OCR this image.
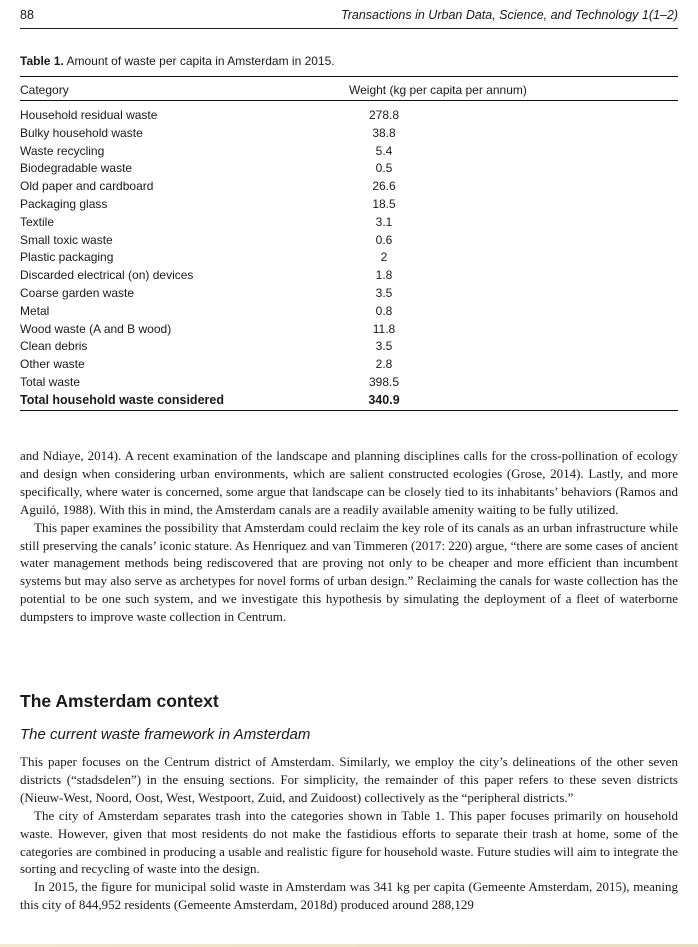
88	Transactions in Urban Data, Science, and Technology 1(1–2)
Table 1. Amount of waste per capita in Amsterdam in 2015.
Category	Weight (kg per capita per annum)
Household residual waste	278.8
Bulky household waste	38.8
Waste recycling	5.4
Biodegradable waste	0.5
Old paper and cardboard	26.6
Packaging glass	18.5
Textile	3.1
Small toxic waste	0.6
Plastic packaging	2
Discarded electrical (on) devices	1.8
Coarse garden waste	3.5
Metal	0.8
Wood waste (A and B wood)	11.8
Clean debris	3.5
Other waste	2.8
Total waste	398.5
Total household waste considered	340.9

and Ndiaye, 2014). A recent examination of the landscape and planning disciplines calls for the cross-pollination of ecology and design when considering urban environments, which are salient constructed ecologies (Grose, 2014). Lastly, and more specifically, where water is concerned, some argue that landscape can be closely tied to its inhabitants’ behaviors (Ramos and Aguiló, 1988). With this in mind, the Amsterdam canals are a readily available amenity waiting to be fully utilized.

This paper examines the possibility that Amsterdam could reclaim the key role of its canals as an urban infrastructure while still preserving the canals’ iconic stature. As Henriquez and van Timmeren (2017: 220) argue, “there are some cases of ancient water management methods being rediscovered that are proving not only to be cheaper and more efficient than incumbent systems but may also serve as archetypes for novel forms of urban design.” Reclaiming the canals for waste collection has the potential to be one such system, and we investigate this hypothesis by simulating the deployment of a fleet of waterborne dumpsters to improve waste collection in Centrum.

The Amsterdam context
The current waste framework in Amsterdam

This paper focuses on the Centrum district of Amsterdam. Similarly, we employ the city’s delineations of the other seven districts (“stadsdelen”) in the ensuing sections. For simplicity, the remainder of this paper refers to these seven districts (Nieuw-West, Noord, Oost, West, Westpoort, Zuid, and Zuidoost) collectively as the “peripheral districts.”

The city of Amsterdam separates trash into the categories shown in Table 1. This paper focuses primarily on household waste. However, given that most residents do not make the fastidious efforts to separate their trash at home, some of the categories are combined in producing a usable and realistic figure for household waste. Future studies will aim to integrate the sorting and recycling of waste into the design.

In 2015, the figure for municipal solid waste in Amsterdam was 341 kg per capita (Gemeente Amsterdam, 2015), meaning this city of 844,952 residents (Gemeente Amsterdam, 2018d) produced around 288,129
